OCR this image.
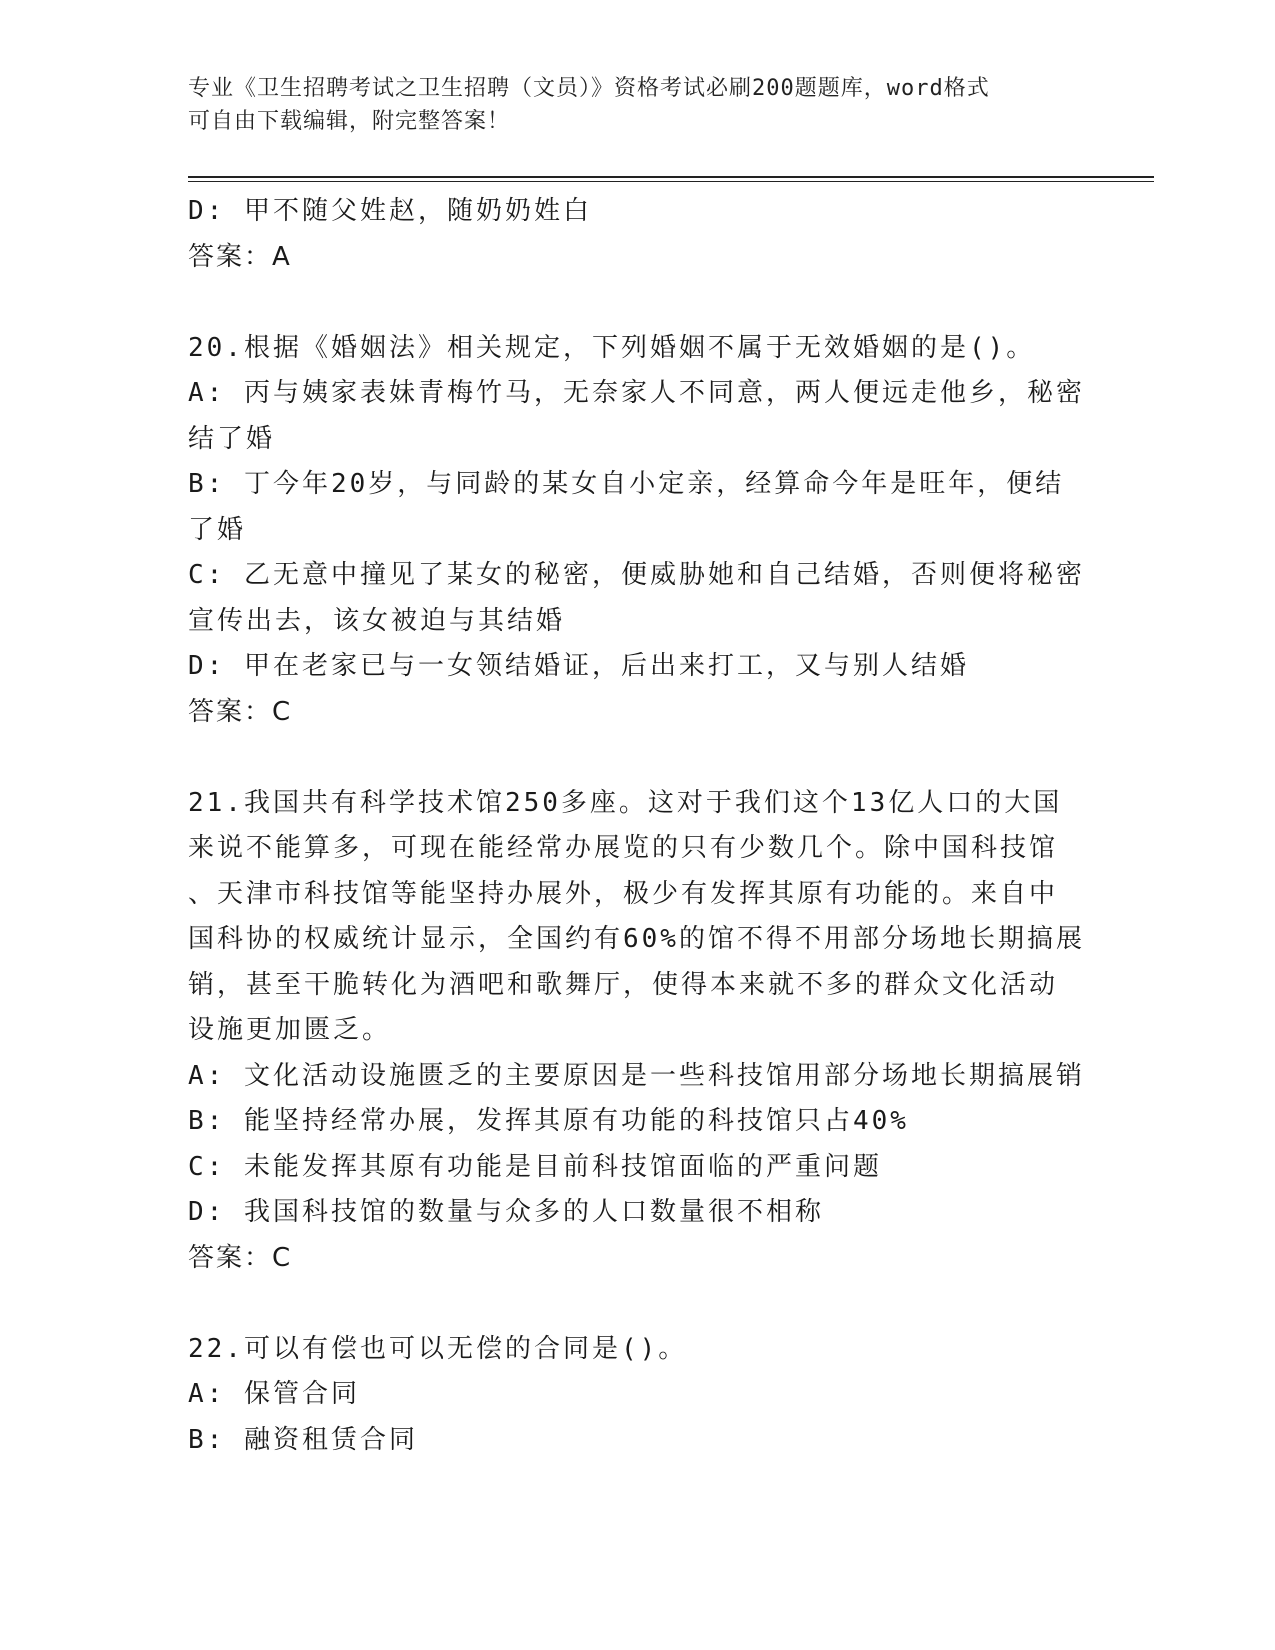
专业《卫生招聘考试之卫生招聘（文员）》资格考试必刷200题题库，word格式
可自由下载编辑，附完整答案！
D: 甲不随父姓赵，随奶奶姓白
答案：A
20.根据《婚姻法》相关规定，下列婚姻不属于无效婚姻的是()。
A: 丙与姨家表妹青梅竹马，无奈家人不同意，两人便远走他乡，秘密
结了婚
B: 丁今年20岁，与同龄的某女自小定亲，经算命今年是旺年，便结
了婚
C: 乙无意中撞见了某女的秘密，便威胁她和自己结婚，否则便将秘密
宣传出去，该女被迫与其结婚
D: 甲在老家已与一女领结婚证，后出来打工，又与别人结婚
答案：C
21.我国共有科学技术馆250多座。这对于我们这个13亿人口的大国
来说不能算多，可现在能经常办展览的只有少数几个。除中国科技馆
、天津市科技馆等能坚持办展外，极少有发挥其原有功能的。来自中
国科协的权威统计显示，全国约有60%的馆不得不用部分场地长期搞展
销，甚至干脆转化为酒吧和歌舞厅，使得本来就不多的群众文化活动
设施更加匮乏。
A: 文化活动设施匮乏的主要原因是一些科技馆用部分场地长期搞展销
B: 能坚持经常办展，发挥其原有功能的科技馆只占40%
C: 未能发挥其原有功能是目前科技馆面临的严重问题
D: 我国科技馆的数量与众多的人口数量很不相称
答案：C
22.可以有偿也可以无偿的合同是()。
A: 保管合同
B: 融资租赁合同
